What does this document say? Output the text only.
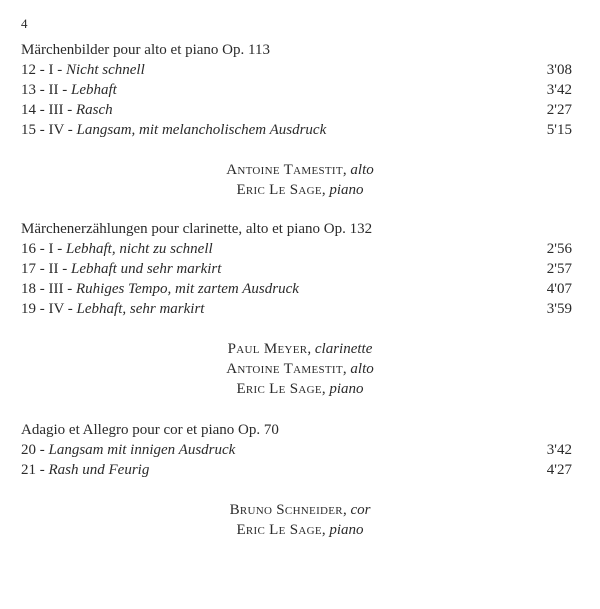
4
Märchenbilder pour alto et piano Op. 113
12 - I - Nicht schnell	3'08
13 - II - Lebhaft	3'42
14 - III - Rasch	2'27
15 - IV - Langsam, mit melancholischem Ausdruck	5'15
Antoine Tamestit, alto
Eric Le Sage, piano
Märchenerzählungen pour clarinette, alto et piano Op. 132
16 - I - Lebhaft, nicht zu schnell	2'56
17 - II - Lebhaft und sehr markirt	2'57
18 - III - Ruhiges Tempo, mit zartem Ausdruck	4'07
19 - IV - Lebhaft, sehr markirt	3'59
Paul Meyer, clarinette
Antoine Tamestit, alto
Eric Le Sage, piano
Adagio et Allegro pour cor et piano Op. 70
20 - Langsam mit innigen Ausdruck	3'42
21 - Rash und Feurig	4'27
Bruno Schneider, cor
Eric Le Sage, piano
